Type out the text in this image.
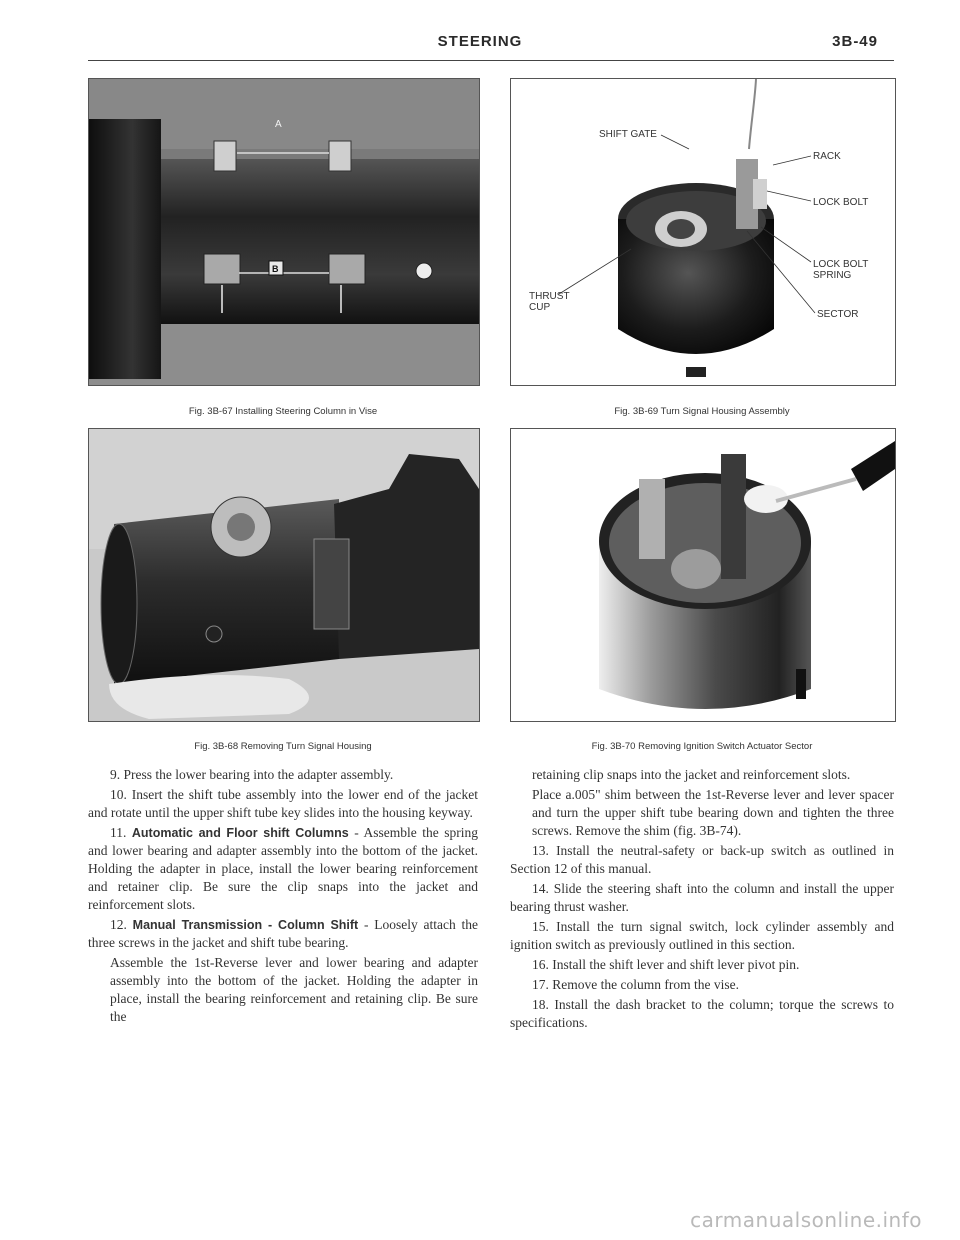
STEERING	3B-49
A
B
Fig. 3B-67 Installing Steering Column in Vise
SHIFT GATE
RACK
LOCK BOLT
LOCK BOLT
SPRING
THRUST
CUP
SECTOR
Fig. 3B-69 Turn Signal Housing Assembly
Fig. 3B-68 Removing Turn Signal Housing	Fig. 3B-70 Removing Ignition Switch Actuator Sector

9. Press the lower bearing into the adapter assembly.

10. Insert the shift tube assembly into the lower end of the jacket and rotate until the upper shift tube key slides into the housing keyway.

11. Automatic and Floor shift Columns - Assemble the spring and lower bearing and adapter assembly into the bottom of the jacket. Holding the adapter in place, install the lower bearing reinforcement and retainer clip. Be sure the clip snaps into the jacket and reinforcement slots.

12. Manual Transmission - Column Shift - Loosely attach the three screws in the jacket and shift tube bearing.

Assemble the 1st-Reverse lever and lower bearing and adapter assembly into the bottom of the jacket. Holding the adapter in place, install the bearing reinforcement and retaining clip. Be sure the

retaining clip snaps into the jacket and reinforcement slots.

Place a.005" shim between the 1st-Reverse lever and lever spacer and turn the upper shift tube bearing down and tighten the three screws. Remove the shim (fig. 3B-74).

13. Install the neutral-safety or back-up switch as outlined in Section 12 of this manual.

14. Slide the steering shaft into the column and install the upper bearing thrust washer.

15. Install the turn signal switch, lock cylinder assembly and ignition switch as previously outlined in this section.

16. Install the shift lever and shift lever pivot pin.

17. Remove the column from the vise.

18. Install the dash bracket to the column; torque the screws to specifications.

carmanualsonline.info
